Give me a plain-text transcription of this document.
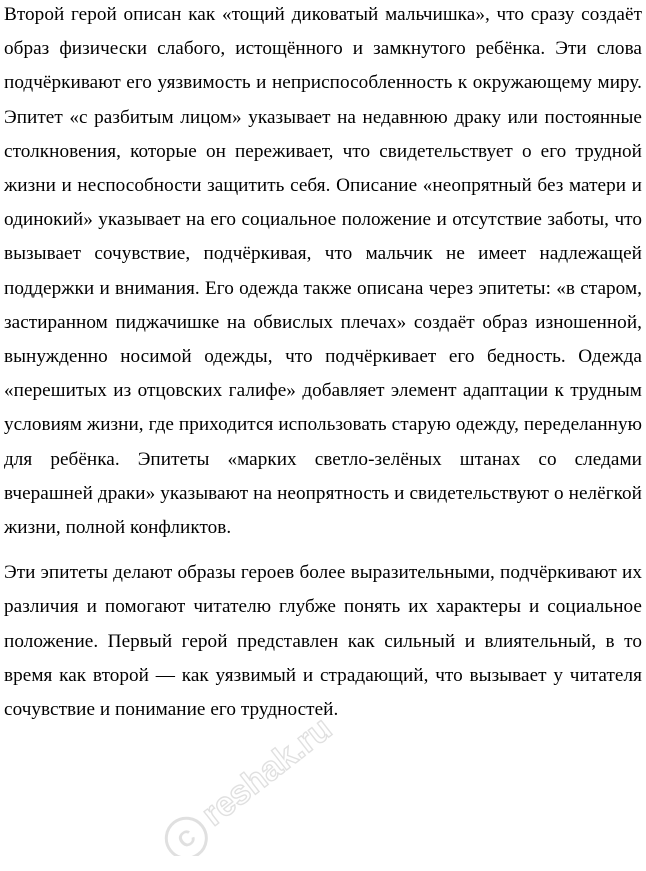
Второй герой описан как «тощий диковатый мальчишка», что сразу создаёт образ физически слабого, истощённого и замкнутого ребёнка. Эти слова подчёркивают его уязвимость и неприспособленность к окружающему миру. Эпитет «с разбитым лицом» указывает на недавнюю драку или постоянные столкновения, которые он переживает, что свидетельствует о его трудной жизни и неспособности защитить себя. Описание «неопрятный без матери и одинокий» указывает на его социальное положение и отсутствие заботы, что вызывает сочувствие, подчёркивая, что мальчик не имеет надлежащей поддержки и внимания. Его одежда также описана через эпитеты: «в старом, застиранном пиджачишке на обвислых плечах» создаёт образ изношенной, вынужденно носимой одежды, что подчёркивает его бедность. Одежда «перешитых из отцовских галифе» добавляет элемент адаптации к трудным условиям жизни, где приходится использовать старую одежду, переделанную для ребёнка. Эпитеты «марких светло-зелёных штанах со следами вчерашней драки» указывают на неопрятность и свидетельствуют о нелёгкой жизни, полной конфликтов.

Эти эпитеты делают образы героев более выразительными, подчёркивают их различия и помогают читателю глубже понять их характеры и социальное положение. Первый герой представлен как сильный и влиятельный, в то время как второй — как уязвимый и страдающий, что вызывает у читателя сочувствие и понимание его трудностей.

C
reshak.ru
